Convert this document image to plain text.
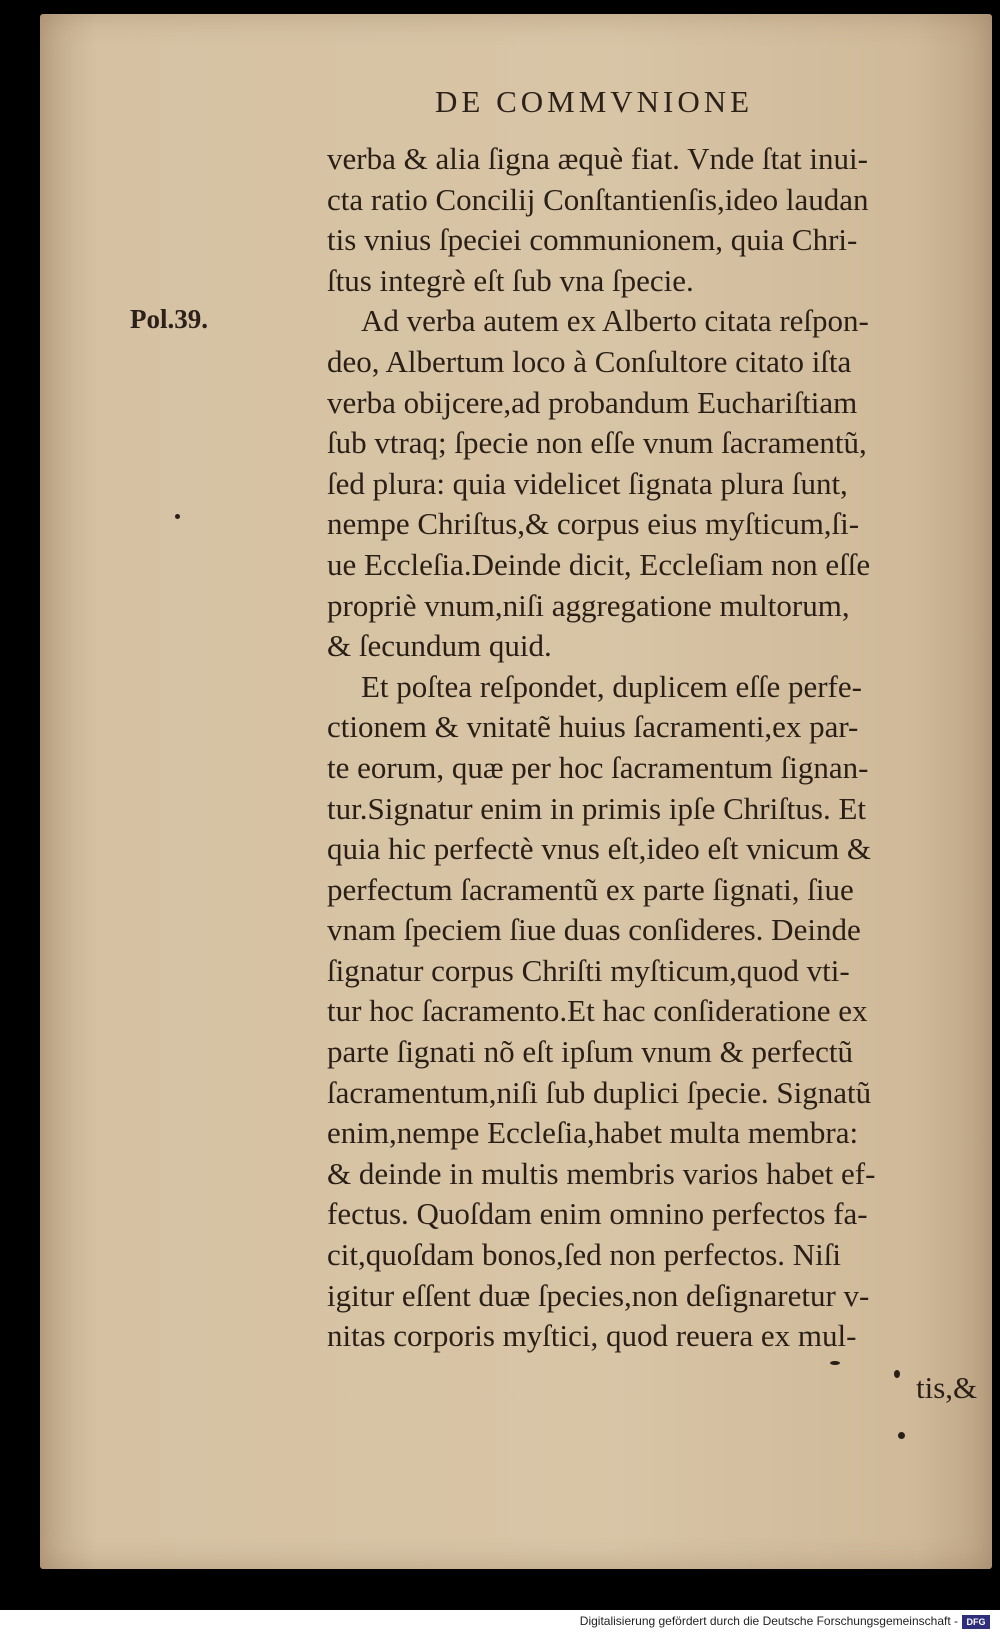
DE COMMVNIONE
Pol.39.
verba & alia ſigna æquè fiat. Vnde ſtat inui-
cta ratio Concilij Conſtantienſis,ideo laudan
tis vnius ſpeciei communionem, quia Chri-
ſtus integrè eſt ſub vna ſpecie.
Ad verba autem ex Alberto citata reſpon-
deo, Albertum loco à Conſultore citato iſta
verba obijcere,ad probandum Euchariſtiam
ſub vtraq; ſpecie non eſſe vnum ſacramentũ,
ſed plura: quia videlicet ſignata plura ſunt,
nempe Chriſtus,& corpus eius myſticum,ſi-
ue Eccleſia.Deinde dicit, Eccleſiam non eſſe
propriè vnum,niſi aggregatione multorum,
& ſecundum quid.
Et poſtea reſpondet, duplicem eſſe perfe-
ctionem & vnitatẽ huius ſacramenti,ex par-
te eorum, quæ per hoc ſacramentum ſignan-
tur.Signatur enim in primis ipſe Chriſtus. Et
quia hic perfectè vnus eſt,ideo eſt vnicum &
perfectum ſacramentũ ex parte ſignati, ſiue
vnam ſpeciem ſiue duas conſideres. Deinde
ſignatur corpus Chriſti myſticum,quod vti-
tur hoc ſacramento.Et hac conſideratione ex
parte ſignati nõ eſt ipſum vnum & perfectũ
ſacramentum,niſi ſub duplici ſpecie. Signatũ
enim,nempe Eccleſia,habet multa membra:
& deinde in multis membris varios habet ef-
fectus. Quoſdam enim omnino perfectos fa-
cit,quoſdam bonos,ſed non perfectos. Niſi
igitur eſſent duæ ſpecies,non deſignaretur v-
nitas corporis myſtici, quod reuera ex mul-
tis,&
Digitalisierung gefördert durch die Deutsche Forschungsgemeinschaft - DFG
